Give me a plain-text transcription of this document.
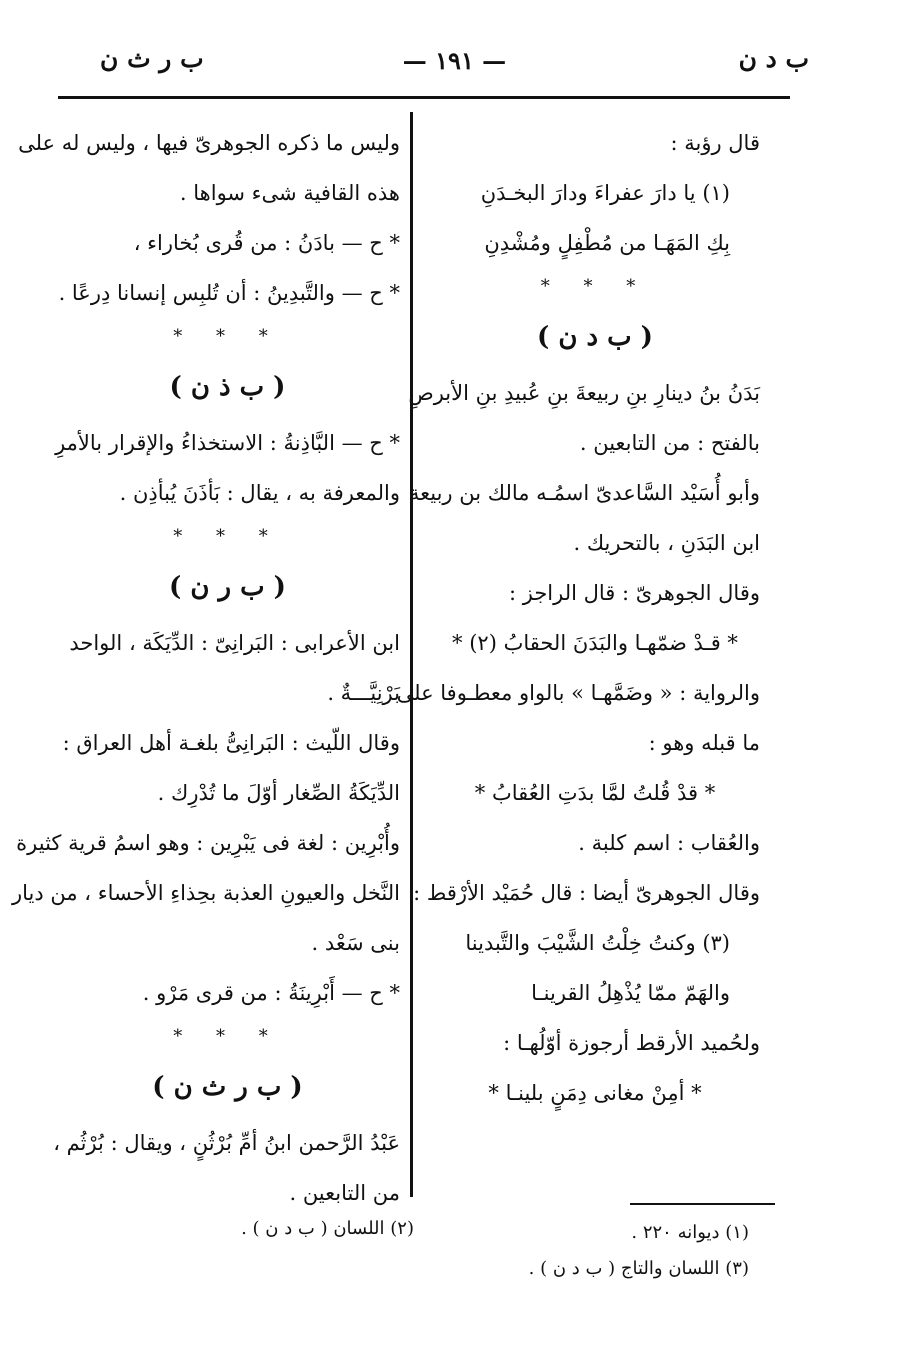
ب د ن
— ١٩١ —
ب ر ث ن
قال رؤبة :
(١) يا دارَ عفراءَ ودارَ البخـدَنِ
بِكِ المَهَـا من مُطْفِلٍ ومُشْدِنِ
* * *
( ب د ن )
بَدَنُ بنُ دينارِ بنِ ربيعةَ بنِ عُبيدِ بنِ الأبرصِ
بالفتح : من التابعين .
وأبو أُسَيْد السَّاعدىّ اسمُـه مالك بن ربيعة
ابن البَدَنِ ، بالتحريك .
وقال الجوهرىّ : قال الراجز :
* قـدْ ضمّهـا والبَدَنَ الحقابُ (٢) *
والرواية : « وضَمَّهـا » بالواو معطـوفا على
ما قبله وهو :
* قدْ قُلتُ لمَّا بدَتِ العُقابُ *
والعُقاب : اسم كلبة .
وقال الجوهرىّ أيضا : قال حُمَيْد الأرْقط :
(٣) وكنتُ خِلْتُ الشَّيْبَ والتَّبدينا
والهَمّ ممّا يُذْهِلُ القرينـا
ولحُميد الأرقط أرجوزة أوّلُهـا :
* أمِنْ مغانى دِمَنٍ بلينـا *
وليس ما ذكره الجوهرىّ فيها ، وليس له على
هذه القافية شىء سواها .
* ح — بادَنُ : من قُرى بُخاراء ،
* ح — والتَّبدِينُ : أن تُلبِس إنسانا دِرعًا .
* * *
( ب ذ ن )
* ح — البَّاذِنةُ : الاستخذاءُ والإقرار بالأمرِ
والمعرفة به ، يقال : بَأذَنَ يُبأذِن .
* * *
( ب ر ن )
ابن الأعرابى : البَرانِىّ : الدِّيَكَة ، الواحد
بَرْنِيَّـــةٌ .
وقال اللّيث : البَرانِىُّ بلغـة أهل العراق :
الدِّيَكَةُ الصِّغار أوّلَ ما تُدْرِك .
وأُبْرِين : لغة فى يَبْرِين : وهو اسمُ قرية كثيرة
النَّخل والعيونِ العذبة بحِذاءِ الأحساء ، من ديار
بنى سَعْد .
* ح — أَبْرِينَةُ : من قرى مَرْو .
* * *
( ب ر ث ن )
عَبْدُ الرَّحمن ابنُ أمِّ بُرْثُنٍ ، ويقال : بُرْثُم ،
من التابعين .
(١) ديوانه ٢٢٠ .
(٣) اللسان والتاج ( ب د ن ) .
(٢) اللسان ( ب د ن ) .
